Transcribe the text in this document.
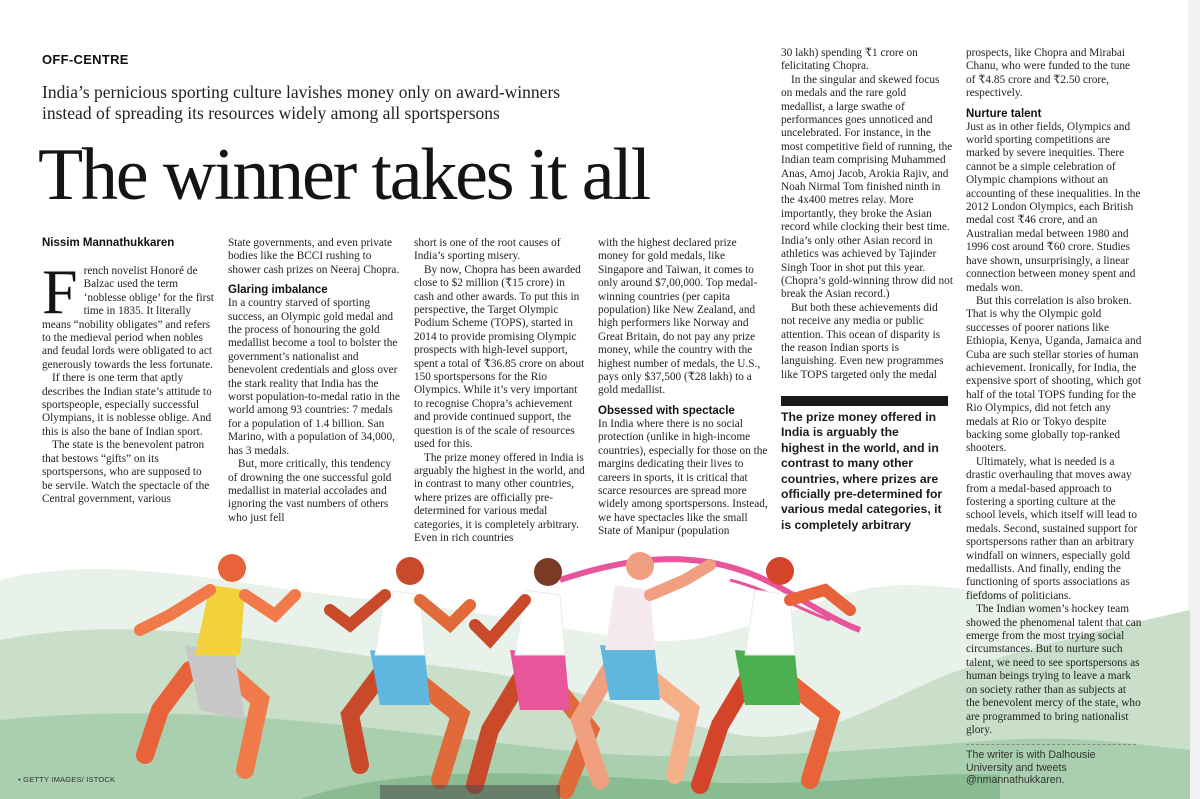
OFF-CENTRE
India’s pernicious sporting culture lavishes money only on award-winners instead of spreading its resources widely among all sportspersons
The winner takes it all
Nissim Mannathukkaren
F rench novelist Honoré de Balzac used the term ‘noblesse oblige’ for the first time in 1835. It literally means “nobility obligates” and refers to the medieval period when nobles and feudal lords were obligated to act generously towards the less fortunate.

If there is one term that aptly describes the Indian state’s attitude to sportspeople, especially successful Olympians, it is noblesse oblige. And this is also the bane of Indian sport.

The state is the benevolent patron that bestows “gifts” on its sportspersons, who are supposed to be servile. Watch the spectacle of the Central government, various

State governments, and even private bodies like the BCCI rushing to shower cash prizes on Neeraj Chopra.

Glaring imbalance

In a country starved of sporting success, an Olympic gold medal and the process of honouring the gold medallist become a tool to bolster the government’s nationalist and benevolent credentials and gloss over the stark reality that India has the worst population-to-medal ratio in the world among 93 countries: 7 medals for a population of 1.4 billion. San Marino, with a population of 34,000, has 3 medals.

But, more critically, this tendency of drowning the one successful gold medallist in material accolades and ignoring the vast numbers of others who just fell

short is one of the root causes of India’s sporting misery.

By now, Chopra has been awarded close to $2 million (₹15 crore) in cash and other awards. To put this in perspective, the Target Olympic Podium Scheme (TOPS), started in 2014 to provide promising Olympic prospects with high-level support, spent a total of ₹36.85 crore on about 150 sportspersons for the Rio Olympics. While it’s very important to recognise Chopra’s achievement and provide continued support, the question is of the scale of resources used for this.

The prize money offered in India is arguably the highest in the world, and in contrast to many other countries, where prizes are officially pre-determined for various medal categories, it is completely arbitrary. Even in rich countries

with the highest declared prize money for gold medals, like Singapore and Taiwan, it comes to only around $7,00,000. Top medal-winning countries (per capita population) like New Zealand, and high performers like Norway and Great Britain, do not pay any prize money, while the country with the highest number of medals, the U.S., pays only $37,500 (₹28 lakh) to a gold medallist.

Obsessed with spectacle

In India where there is no social protection (unlike in high-income countries), especially for those on the margins dedicating their lives to careers in sports, it is critical that scarce resources are spread more widely among sportspersons. Instead, we have spectacles like the small State of Manipur (population

30 lakh) spending ₹1 crore on felicitating Chopra.

In the singular and skewed focus on medals and the rare gold medallist, a large swathe of performances goes unnoticed and uncelebrated. For instance, in the most competitive field of running, the Indian team comprising Muhammed Anas, Amoj Jacob, Arokia Rajiv, and Noah Nirmal Tom finished ninth in the 4x400 metres relay. More importantly, they broke the Asian record while clocking their best time. India’s only other Asian record in athletics was achieved by Tajinder Singh Toor in shot put this year. (Chopra’s gold-winning throw did not break the Asian record.)

But both these achievements did not receive any media or public attention. This ocean of disparity is the reason Indian sports is languishing. Even new programmes like TOPS targeted only the medal

The prize money offered in India is arguably the highest in the world, and in contrast to many other countries, where prizes are officially pre-determined for various medal categories, it is completely arbitrary

prospects, like Chopra and Mirabai Chanu, who were funded to the tune of ₹4.85 crore and ₹2.50 crore, respectively.

Nurture talent

Just as in other fields, Olympics and world sporting competitions are marked by severe inequities. There cannot be a simple celebration of Olympic champions without an accounting of these inequalities. In the 2012 London Olympics, each British medal cost ₹46 crore, and an Australian medal between 1980 and 1996 cost around ₹60 crore. Studies have shown, unsurprisingly, a linear connection between money spent and medals won.

But this correlation is also broken. That is why the Olympic gold successes of poorer nations like Ethiopia, Kenya, Uganda, Jamaica and Cuba are such stellar stories of human achievement. Ironically, for India, the expensive sport of shooting, which got half of the total TOPS funding for the Rio Olympics, did not fetch any medals at Rio or Tokyo despite backing some globally top-ranked shooters.

Ultimately, what is needed is a drastic overhauling that moves away from a medal-based approach to fostering a sporting culture at the school levels, which itself will lead to medals. Second, sustained support for sportspersons rather than an arbitrary windfall on winners, especially gold medallists. And finally, ending the functioning of sports associations as fiefdoms of politicians.

The Indian women’s hockey team showed the phenomenal talent that can emerge from the most trying social circumstances. But to nurture such talent, we need to see sportspersons as human beings trying to leave a mark on society rather than as subjects at the benevolent mercy of the state, who are programmed to bring nationalist glory.

The writer is with Dalhousie University and tweets @nmannathukkaren.
▪ GETTY IMAGES/ ISTOCK
